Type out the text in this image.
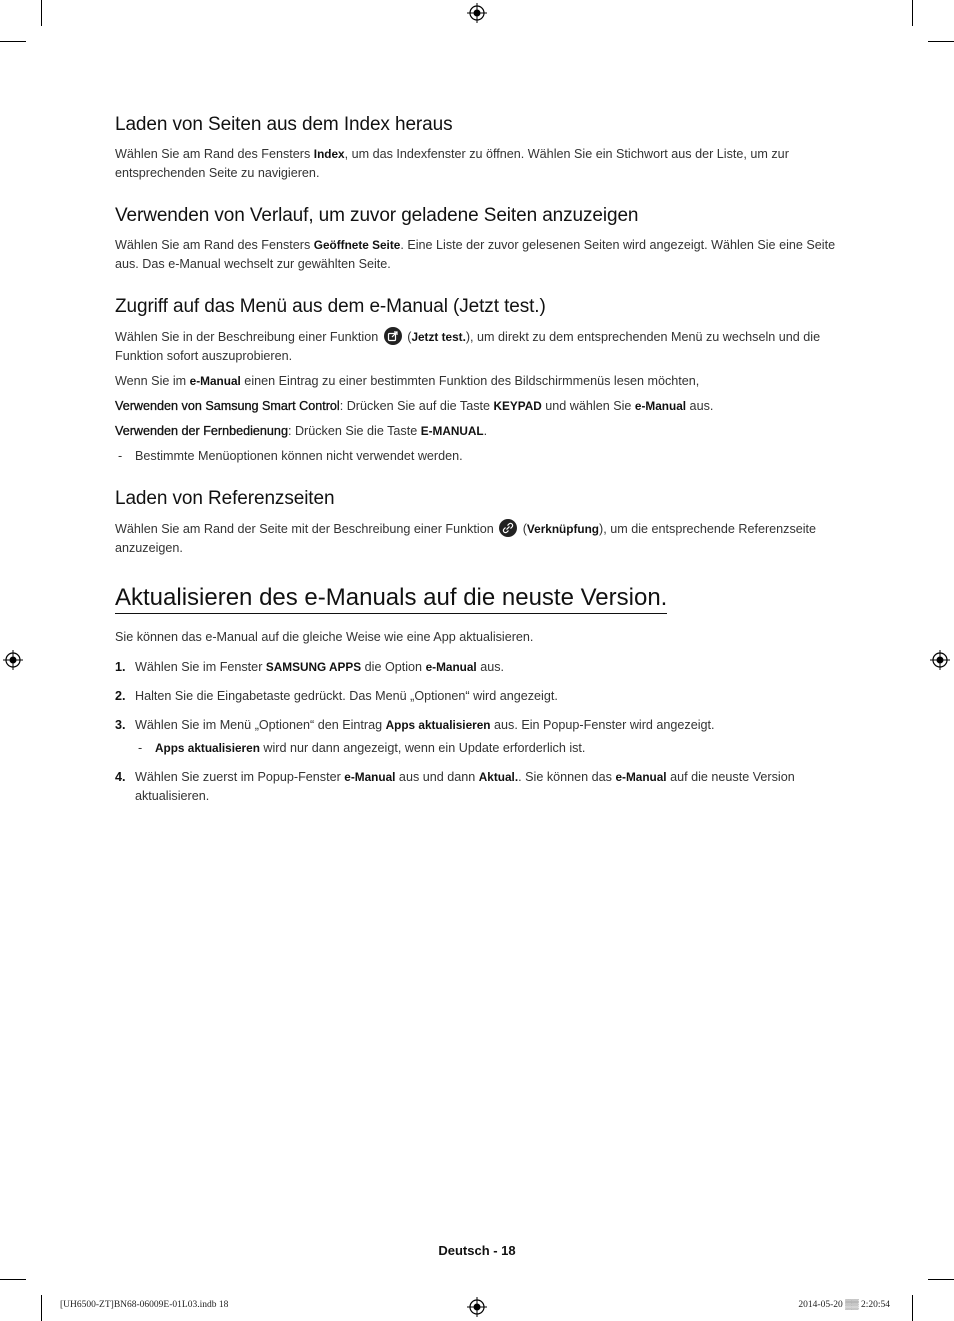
Laden von Seiten aus dem Index heraus

Wählen Sie am Rand des Fensters Index, um das Indexfenster zu öffnen. Wählen Sie ein Stichwort aus der Liste, um zur entsprechenden Seite zu navigieren.

Verwenden von Verlauf, um zuvor geladene Seiten anzuzeigen

Wählen Sie am Rand des Fensters Geöffnete Seite. Eine Liste der zuvor gelesenen Seiten wird angezeigt. Wählen Sie eine Seite aus. Das e-Manual wechselt zur gewählten Seite.

Zugriff auf das Menü aus dem e-Manual (Jetzt test.)

Wählen Sie in der Beschreibung einer Funktion
(Jetzt test.), um direkt zu dem entsprechenden Menü zu wechseln und die Funktion sofort auszuprobieren.

Wenn Sie im e-Manual einen Eintrag zu einer bestimmten Funktion des Bildschirmmenüs lesen möchten,

Verwenden von Samsung Smart Control: Drücken Sie auf die Taste KEYPAD und wählen Sie e-Manual aus.

Verwenden der Fernbedienung: Drücken Sie die Taste E-MANUAL.

- Bestimmte Menüoptionen können nicht verwendet werden.

Laden von Referenzseiten

Wählen Sie am Rand der Seite mit der Beschreibung einer Funktion
(Verknüpfung), um die entsprechende Referenzseite anzuzeigen.

Aktualisieren des e-Manuals auf die neuste Version.

Sie können das e-Manual auf die gleiche Weise wie eine App aktualisieren.

1. Wählen Sie im Fenster SAMSUNG APPS die Option e-Manual aus.
2. Halten Sie die Eingabetaste gedrückt. Das Menü „Optionen“ wird angezeigt.
3. Wählen Sie im Menü „Optionen“ den Eintrag Apps aktualisieren aus. Ein Popup-Fenster wird angezeigt.

- Apps aktualisieren wird nur dann angezeigt, wenn ein Update erforderlich ist.

4. Wählen Sie zuerst im Popup-Fenster e-Manual aus und dann Aktual.. Sie können das e-Manual auf die neuste Version aktualisieren.
Deutsch - 18
[UH6500-ZT]BN68-06009E-01L03.indb 18	2014-05-20 ▒▒ 2:20:54
